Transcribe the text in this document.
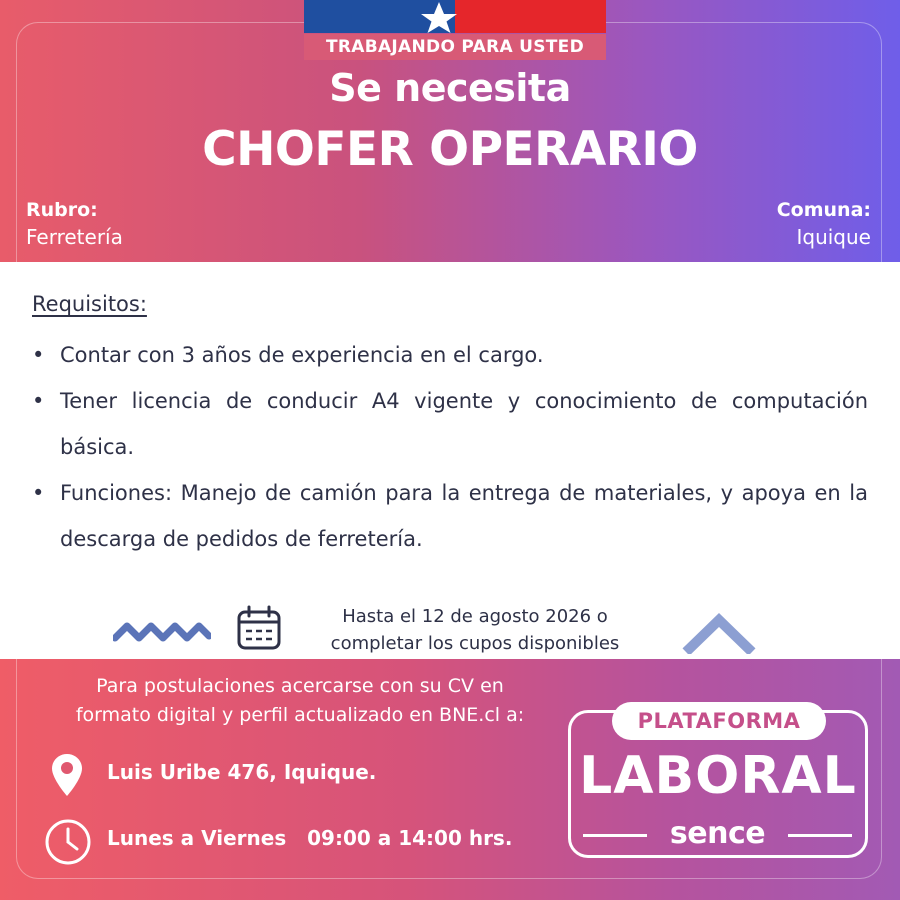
TRABAJANDO PARA USTED
Se necesita
CHOFER OPERARIO
Rubro:
Ferretería
Comuna:
Iquique
Requisitos:
• Contar con 3 años de experiencia en el cargo.
• Tener licencia de conducir A4 vigente y conocimiento de computación básica.
• Funciones: Manejo de camión para la entrega de materiales, y apoya en la descarga de pedidos de ferretería.
Hasta el 12 de agosto 2026 o
completar los cupos disponibles
Para postulaciones acercarse con su CV en
formato digital y perfil actualizado en BNE.cl a:
Luis Uribe 476, Iquique.
Lunes a Viernes   09:00 a 14:00 hrs.
PLATAFORMA
LABORAL
sence
